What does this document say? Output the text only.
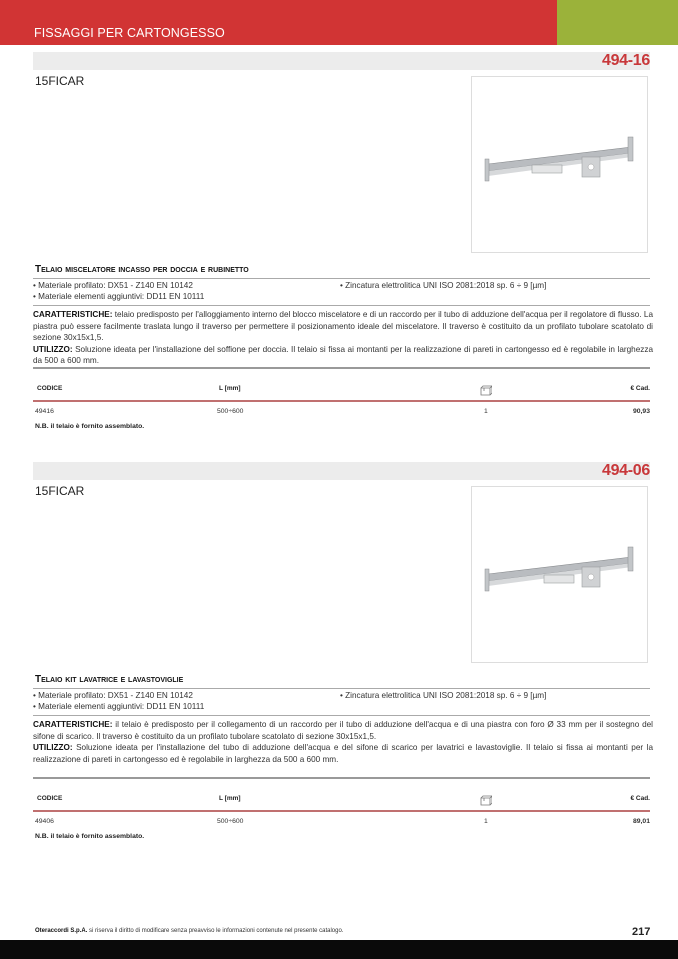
FISSAGGI PER CARTONGESSO
494-16
15FICAR
Telaio miscelatore incasso per doccia e rubinetto
• Materiale profilato: DX51 - Z140 EN 10142
• Materiale elementi aggiuntivi: DD11 EN 10111
• Zincatura elettrolitica UNI ISO 2081:2018 sp. 6 ÷ 9 [µm]
CARATTERISTICHE: telaio predisposto per l'alloggiamento interno del blocco miscelatore e di un raccordo per il tubo di adduzione dell'acqua per il regolatore di flusso. La piastra può essere facilmente traslata lungo il traverso per permettere il posizionamento ideale del miscelatore. Il traverso è costituito da un profilato tubolare scatolato di sezione 30x15x1,5.
UTILIZZO: Soluzione ideata per l'installazione del soffione per doccia. Il telaio si fissa ai montanti per la realizzazione di pareti in cartongesso ed è regolabile in larghezza da 500 a 600 mm.
CODICE	L [mm]	€ Cad.
49416	500÷600	1	90,93
N.B. il telaio è fornito assemblato.
494-06
15FICAR
Telaio kit lavatrice e lavastoviglie
• Materiale profilato: DX51 - Z140 EN 10142
• Materiale elementi aggiuntivi: DD11 EN 10111
• Zincatura elettrolitica UNI ISO 2081:2018 sp. 6 ÷ 9 [µm]
CARATTERISTICHE: il telaio è predisposto per il collegamento di un raccordo per il tubo di adduzione dell'acqua e di una piastra con foro Ø 33 mm per il sostegno del sifone di scarico. Il traverso è costituito da un profilato tubolare scatolato di sezione 30x15x1,5.
UTILIZZO: Soluzione ideata per l'installazione del tubo di adduzione dell'acqua e del sifone di scarico per lavatrici e lavastoviglie. Il telaio si fissa ai montanti per la realizzazione di pareti in cartongesso ed è regolabile in larghezza da 500 a 600 mm.
CODICE	L [mm]	€ Cad.
49406	500÷600	1	89,01
N.B. il telaio è fornito assemblato.
Oteraccordi S.p.A. si riserva il diritto di modificare senza preavviso le informazioni contenute nel presente catalogo.	217
